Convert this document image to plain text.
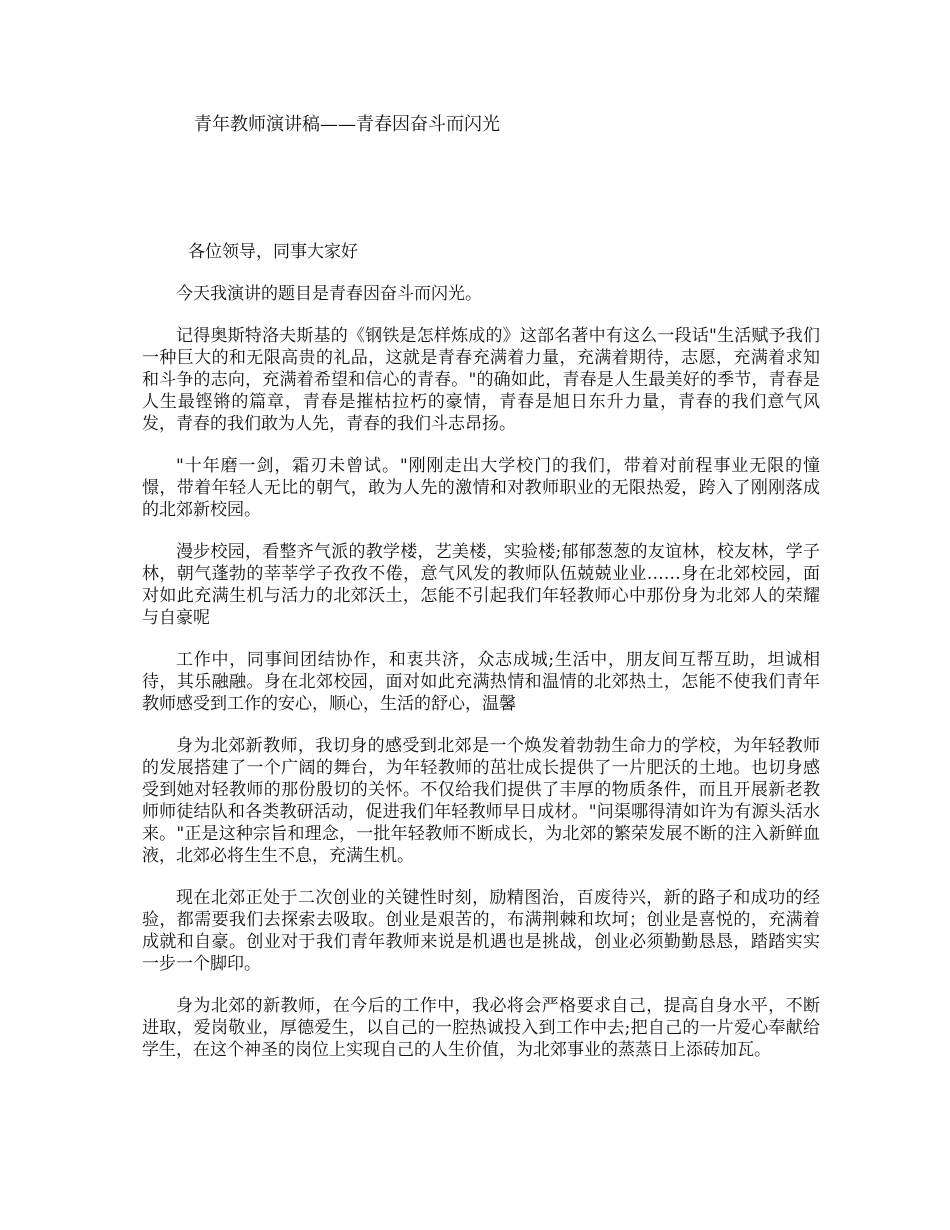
青年教师演讲稿——青春因奋斗而闪光

各位领导，同事大家好

今天我演讲的题目是青春因奋斗而闪光。

记得奥斯特洛夫斯基的《钢铁是怎样炼成的》这部名著中有这么一段话"生活赋予我们一种巨大的和无限高贵的礼品，这就是青春充满着力量，充满着期待，志愿，充满着求知和斗争的志向，充满着希望和信心的青春。"的确如此，青春是人生最美好的季节，青春是人生最铿锵的篇章，青春是摧枯拉朽的豪情，青春是旭日东升力量，青春的我们意气风发，青春的我们敢为人先，青春的我们斗志昂扬。

"十年磨一剑，霜刃未曾试。"刚刚走出大学校门的我们，带着对前程事业无限的憧憬，带着年轻人无比的朝气，敢为人先的激情和对教师职业的无限热爱，跨入了刚刚落成的北郊新校园。

漫步校园，看整齐气派的教学楼，艺美楼，实验楼;郁郁葱葱的友谊林，校友林，学子林，朝气蓬勃的莘莘学子孜孜不倦，意气风发的教师队伍兢兢业业……身在北郊校园，面对如此充满生机与活力的北郊沃土，怎能不引起我们年轻教师心中那份身为北郊人的荣耀与自豪呢

工作中，同事间团结协作，和衷共济，众志成城;生活中，朋友间互帮互助，坦诚相待，其乐融融。身在北郊校园，面对如此充满热情和温情的北郊热土，怎能不使我们青年教师感受到工作的安心，顺心，生活的舒心，温馨

身为北郊新教师，我切身的感受到北郊是一个焕发着勃勃生命力的学校，为年轻教师的发展搭建了一个广阔的舞台，为年轻教师的茁壮成长提供了一片肥沃的土地。也切身感受到她对轻教师的那份殷切的关怀。不仅给我们提供了丰厚的物质条件，而且开展新老教师师徒结队和各类教研活动，促进我们年轻教师早日成材。"问渠哪得清如许为有源头活水来。"正是这种宗旨和理念，一批年轻教师不断成长，为北郊的繁荣发展不断的注入新鲜血液，北郊必将生生不息，充满生机。

现在北郊正处于二次创业的关键性时刻，励精图治，百废待兴，新的路子和成功的经验，都需要我们去探索去吸取。创业是艰苦的，布满荆棘和坎坷；创业是喜悦的，充满着成就和自豪。创业对于我们青年教师来说是机遇也是挑战，创业必须勤勤恳恳，踏踏实实一步一个脚印。

身为北郊的新教师，在今后的工作中，我必将会严格要求自己，提高自身水平，不断进取，爱岗敬业，厚德爱生，以自己的一腔热诚投入到工作中去;把自己的一片爱心奉献给学生，在这个神圣的岗位上实现自己的人生价值，为北郊事业的蒸蒸日上添砖加瓦。
